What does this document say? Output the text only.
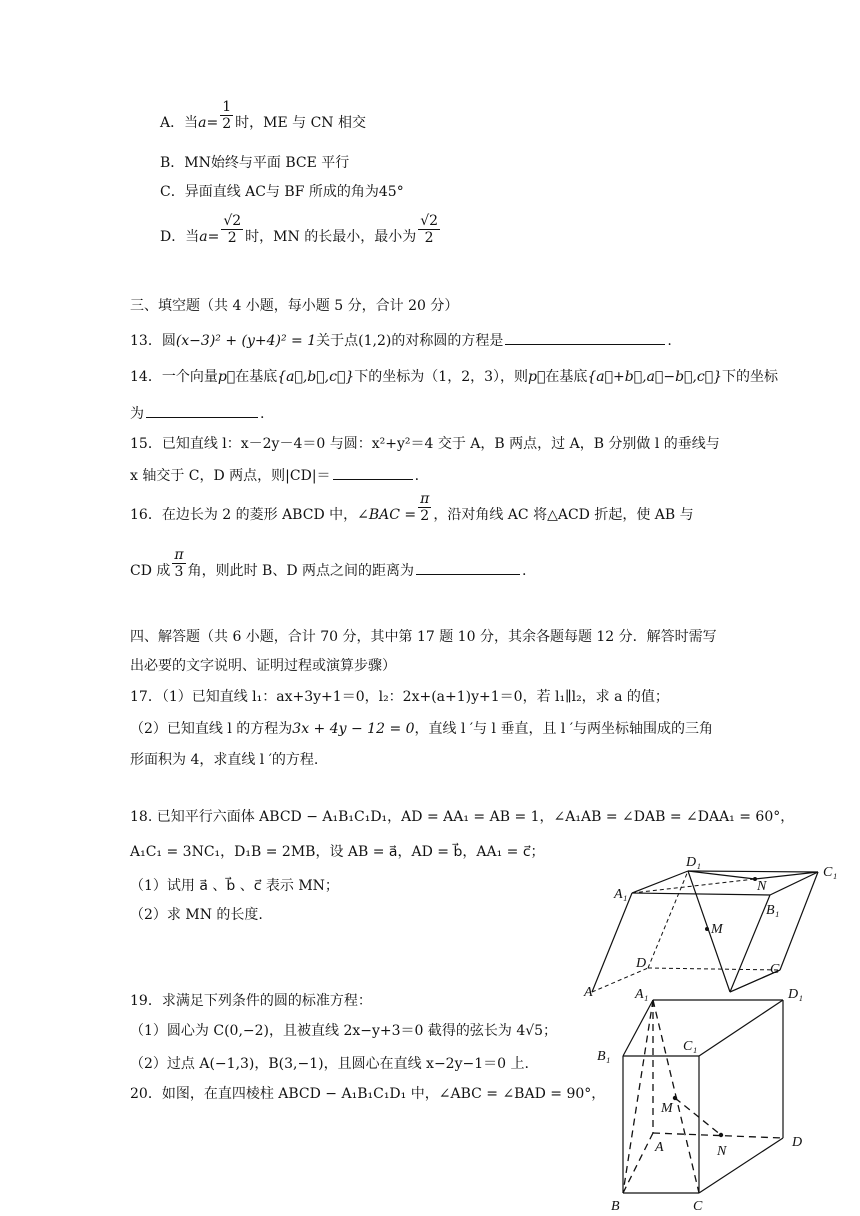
A．当$a= \frac{1}{2}$ 时，ME 与 CN 相交
B．MN始终与平面 BCE 平行
C．异面直线 AC与 BF 所成的角为45°
D．当$a= \frac{√2}{2}$ 时，MN 的长最小，最小为 $\frac{√2}{2}$
三、填空题（共 4 小题，每小题 5 分，合计 20 分）
13．圆(x−3)² + (y+4)² = 1关于点(1,2)的对称圆的方程是	.
14．一个向量p⃗在基底{a⃗,b⃗,c⃗}下的坐标为（1，2，3），则p⃗在基底{a⃗+b⃗,a⃗−b⃗,c⃗}下的坐标
为	.
15．已知直线 l：x－2y－4＝0 与圆：x²+y²＝4 交于 A，B 两点，过 A，B 分别做 l 的垂线与
x 轴交于 C，D 两点，则|CD|＝	.
16．在边长为 2 的菱形 ABCD 中，∠BAC = $\frac{\pi}{2}$ ，沿对角线 AC 将△ACD 折起，使 AB 与
CD 成 $\frac{\pi}{3}$ 角，则此时 B、D 两点之间的距离为	.
四、解答题（共 6 小题，合计 70 分，其中第 17 题 10 分，其余各题每题 12 分．解答时需写
出必要的文字说明、证明过程或演算步骤）
17．（1）已知直线 l₁：ax+3y+1＝0，l₂：2x+(a+1)y+1＝0，若 l₁∥l₂，求 a 的值；
（2）已知直线 l 的方程为3x + 4y − 12 = 0，直线 l ′与 l 垂直，且 l ′与两坐标轴围成的三角
形面积为 4，求直线 l ′的方程.
18. 已知平行六面体 ABCD − A₁B₁C₁D₁，AD = AA₁ = AB = 1，∠A₁AB = ∠DAB = ∠DAA₁ = 60°，
A₁C₁ = 3NC₁，D₁B = 2MB，设 AB = a⃗，AD = b⃗，AA₁ = c⃗；
（1）试用 a⃗ 、b⃗ 、c⃗ 表示 MN；
（2）求 MN 的长度.
19．求满足下列条件的圆的标准方程：
（1）圆心为 C(0,−2)，且被直线 2x−y+3＝0 截得的弦长为 4√5；
（2）过点 A(−1,3)，B(3,−1)，且圆心在直线 x−2y−1＝0 上.
20．如图，在直四棱柱 ABCD − A₁B₁C₁D₁ 中，∠ABC = ∠BAD = 90°，
D₁
C₁
A₁
B₁
N
M
D	C
A	A₁	D₁
B₁
C₁
M
A	N
D
B	C
